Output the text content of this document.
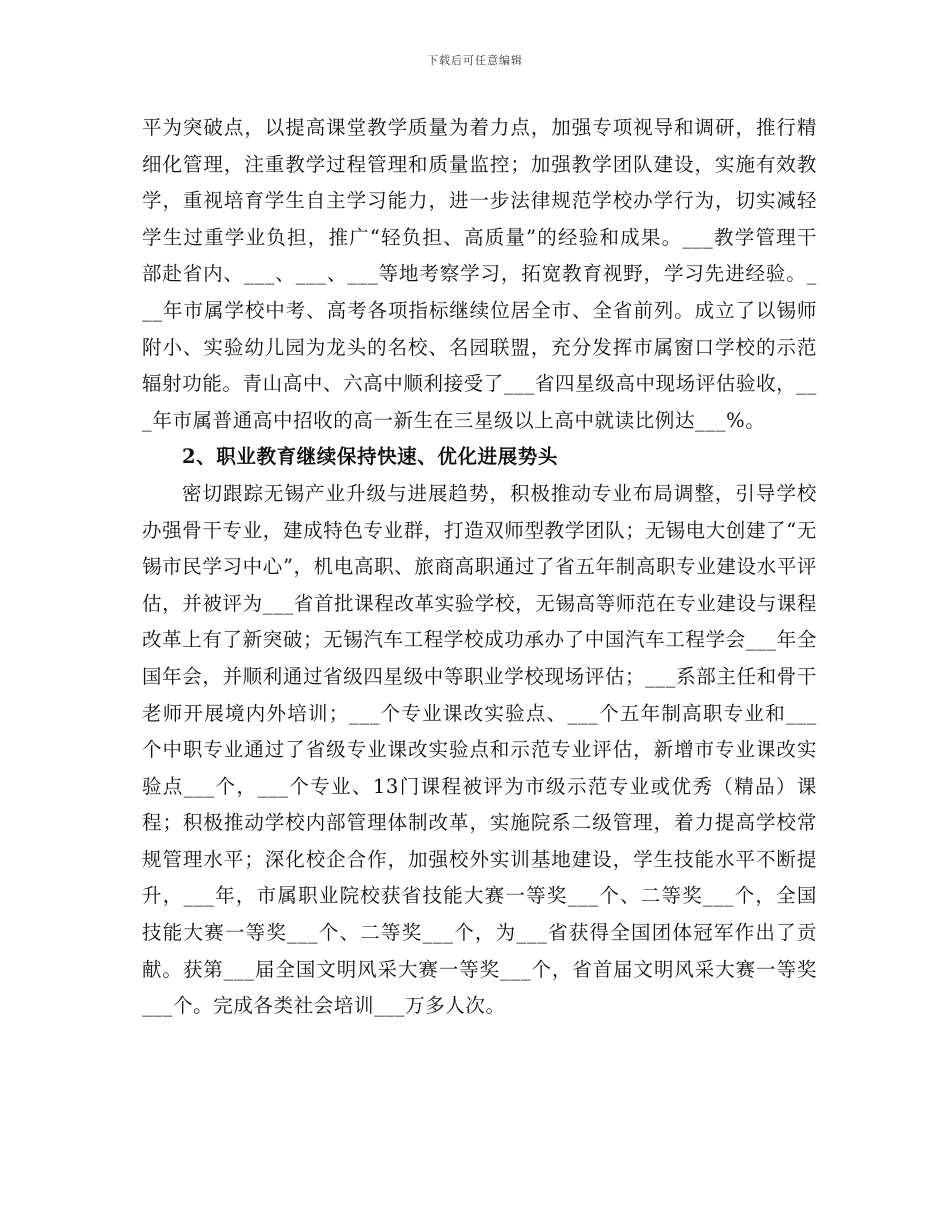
下载后可任意编辑

平为突破点，以提高课堂教学质量为着力点，加强专项视导和调研，推行精细化管理，注重教学过程管理和质量监控；加强教学团队建设，实施有效教学，重视培育学生自主学习能力，进一步法律规范学校办学行为，切实减轻学生过重学业负担，推广“轻负担、高质量”的经验和成果。___教学管理干部赴省内、___、___、___等地考察学习，拓宽教育视野，学习先进经验。___年市属学校中考、高考各项指标继续位居全市、全省前列。成立了以锡师附小、实验幼儿园为龙头的名校、名园联盟，充分发挥市属窗口学校的示范辐射功能。青山高中、六高中顺利接受了___省四星级高中现场评估验收，___年市属普通高中招收的高一新生在三星级以上高中就读比例达___%。

2、职业教育继续保持快速、优化进展势头

密切跟踪无锡产业升级与进展趋势，积极推动专业布局调整，引导学校办强骨干专业，建成特色专业群，打造双师型教学团队；无锡电大创建了“无锡市民学习中心”，机电高职、旅商高职通过了省五年制高职专业建设水平评估，并被评为___省首批课程改革实验学校，无锡高等师范在专业建设与课程改革上有了新突破；无锡汽车工程学校成功承办了中国汽车工程学会___年全国年会，并顺利通过省级四星级中等职业学校现场评估；___系部主任和骨干老师开展境内外培训；___个专业课改实验点、___个五年制高职专业和___个中职专业通过了省级专业课改实验点和示范专业评估，新增市专业课改实验点___个，___个专业、13门课程被评为市级示范专业或优秀（精品）课程；积极推动学校内部管理体制改革，实施院系二级管理，着力提高学校常规管理水平；深化校企合作，加强校外实训基地建设，学生技能水平不断提升，___年，市属职业院校获省技能大赛一等奖___个、二等奖___个，全国技能大赛一等奖___个、二等奖___个，为___省获得全国团体冠军作出了贡献。获第___届全国文明风采大赛一等奖___个，省首届文明风采大赛一等奖___个。完成各类社会培训___万多人次。
